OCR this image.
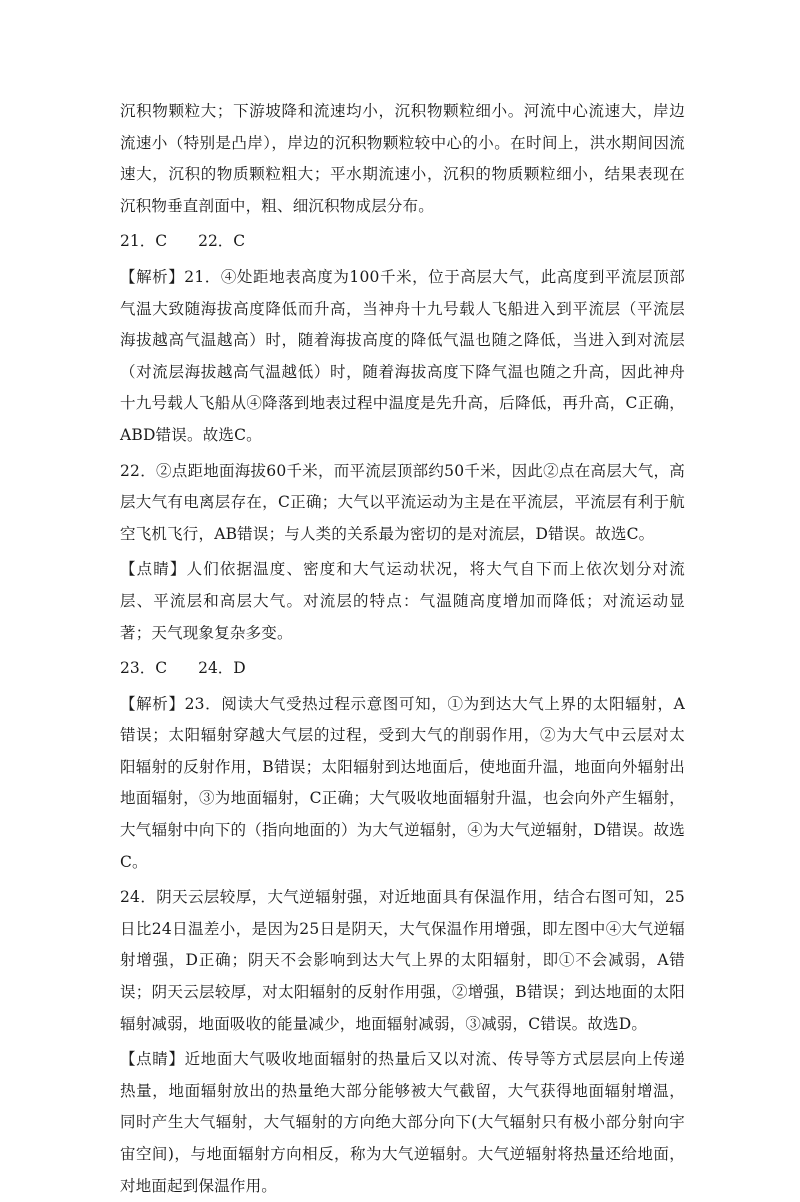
沉积物颗粒大；下游坡降和流速均小，沉积物颗粒细小。河流中心流速大，岸边流速小（特别是凸岸），岸边的沉积物颗粒较中心的小。在时间上，洪水期间因流速大，沉积的物质颗粒粗大；平水期流速小，沉积的物质颗粒细小，结果表现在沉积物垂直剖面中，粗、细沉积物成层分布。

21．C　　22．C

【解析】21．④处距地表高度为100千米，位于高层大气，此高度到平流层顶部气温大致随海拔高度降低而升高，当神舟十九号载人飞船进入到平流层（平流层海拔越高气温越高）时，随着海拔高度的降低气温也随之降低，当进入到对流层（对流层海拔越高气温越低）时，随着海拔高度下降气温也随之升高，因此神舟十九号载人飞船从④降落到地表过程中温度是先升高，后降低，再升高，C正确，ABD错误。故选C。

22．②点距地面海拔60千米，而平流层顶部约50千米，因此②点在高层大气，高层大气有电离层存在，C正确；大气以平流运动为主是在平流层，平流层有利于航空飞机飞行，AB错误；与人类的关系最为密切的是对流层，D错误。故选C。

【点睛】人们依据温度、密度和大气运动状况，将大气自下而上依次划分对流层、平流层和高层大气。对流层的特点：气温随高度增加而降低；对流运动显著；天气现象复杂多变。

23．C　　24．D

【解析】23．阅读大气受热过程示意图可知，①为到达大气上界的太阳辐射，A错误；太阳辐射穿越大气层的过程，受到大气的削弱作用，②为大气中云层对太阳辐射的反射作用，B错误；太阳辐射到达地面后，使地面升温，地面向外辐射出地面辐射，③为地面辐射，C正确；大气吸收地面辐射升温，也会向外产生辐射，大气辐射中向下的（指向地面的）为大气逆辐射，④为大气逆辐射，D错误。故选C。

24．阴天云层较厚，大气逆辐射强，对近地面具有保温作用，结合右图可知，25日比24日温差小，是因为25日是阴天，大气保温作用增强，即左图中④大气逆辐射增强，D正确；阴天不会影响到达大气上界的太阳辐射，即①不会减弱，A错误；阴天云层较厚，对太阳辐射的反射作用强，②增强，B错误；到达地面的太阳辐射减弱，地面吸收的能量减少，地面辐射减弱，③减弱，C错误。故选D。

【点睛】近地面大气吸收地面辐射的热量后又以对流、传导等方式层层向上传递热量，地面辐射放出的热量绝大部分能够被大气截留，大气获得地面辐射增温，同时产生大气辐射，大气辐射的方向绝大部分向下(大气辐射只有极小部分射向宇宙空间)，与地面辐射方向相反，称为大气逆辐射。大气逆辐射将热量还给地面，对地面起到保温作用。
